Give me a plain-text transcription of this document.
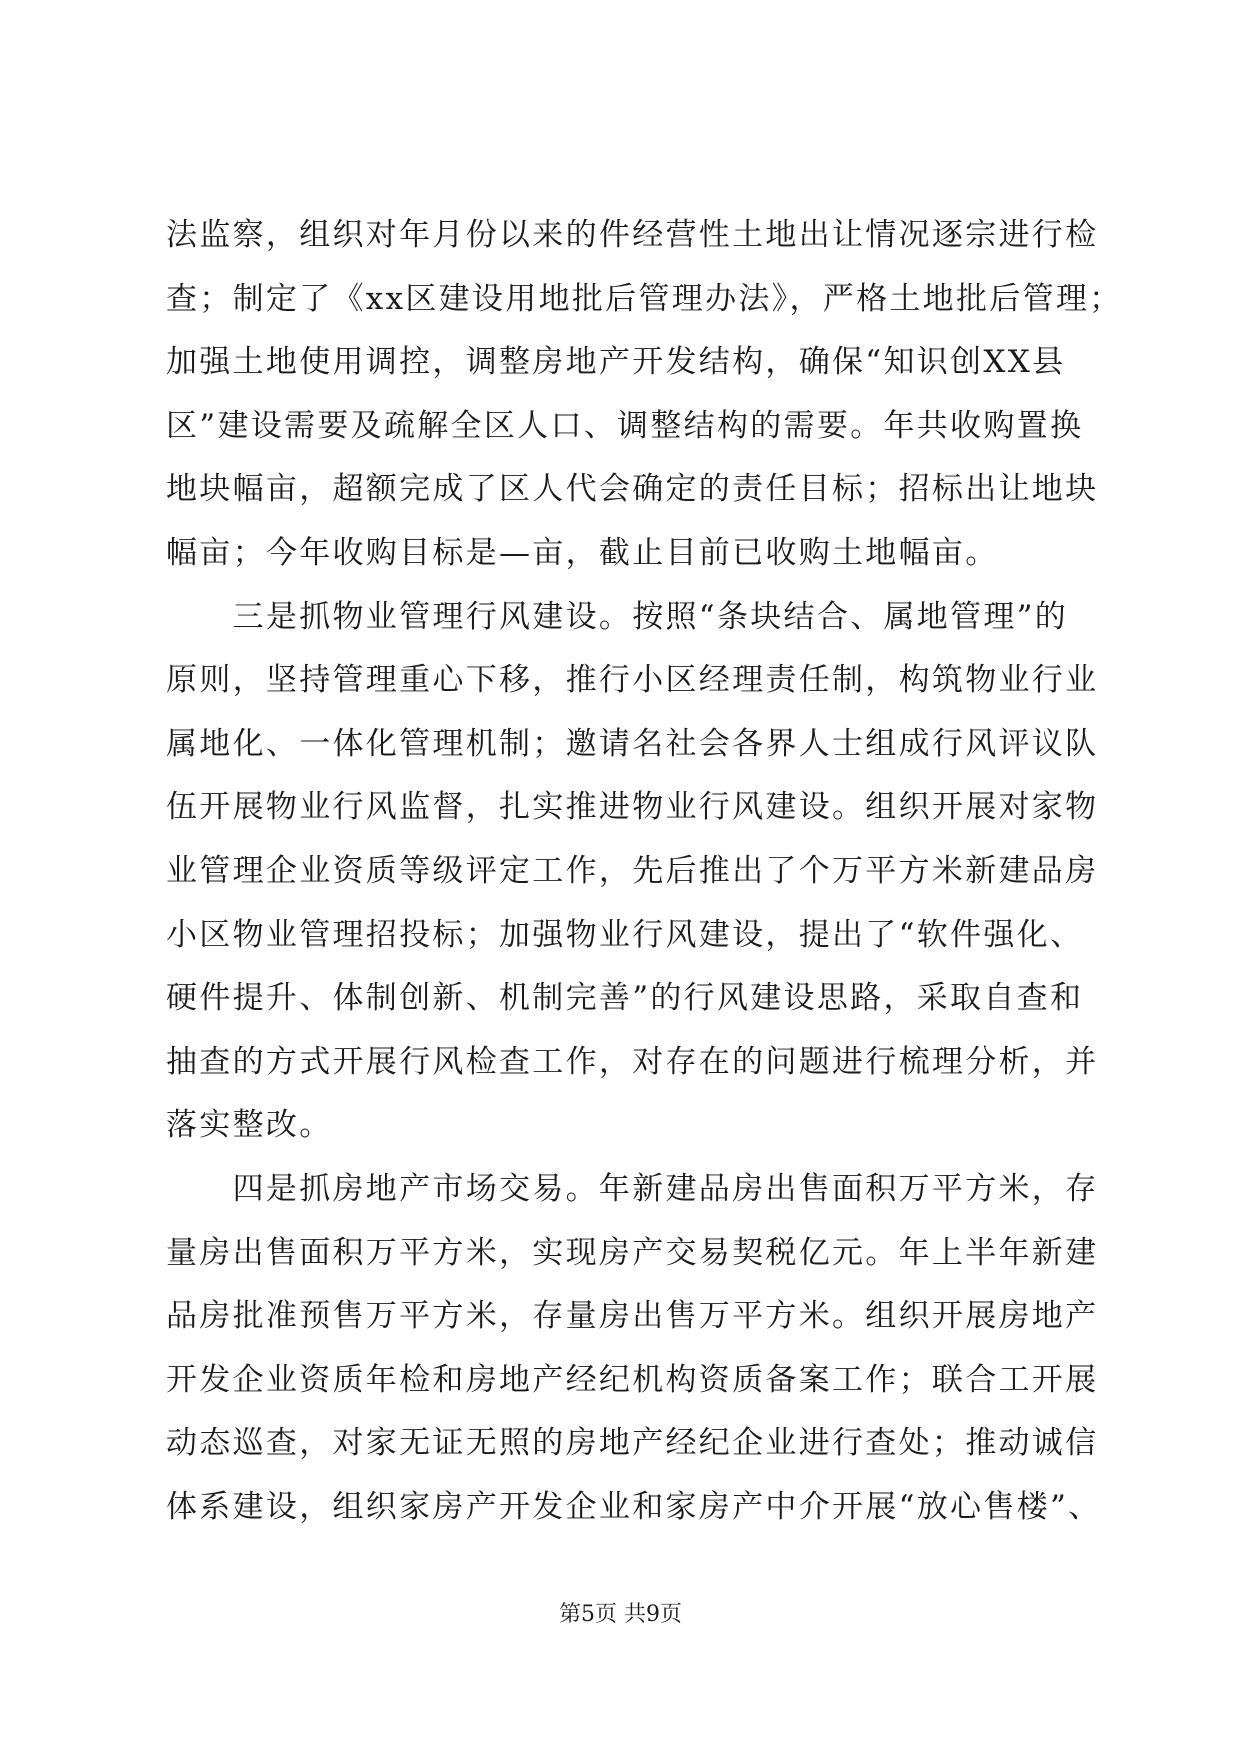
法监察，组织对年月份以来的件经营性土地出让情况逐宗进行检
查；制定了《xx区建设用地批后管理办法》，严格土地批后管理；
加强土地使用调控，调整房地产开发结构，确保“知识创XX县
区”建设需要及疏解全区人口、调整结构的需要。年共收购置换
地块幅亩，超额完成了区人代会确定的责任目标；招标出让地块
幅亩；今年收购目标是—亩，截止目前已收购土地幅亩。
　　三是抓物业管理行风建设。按照“条块结合、属地管理”的
原则，坚持管理重心下移，推行小区经理责任制，构筑物业行业
属地化、一体化管理机制；邀请名社会各界人士组成行风评议队
伍开展物业行风监督，扎实推进物业行风建设。组织开展对家物
业管理企业资质等级评定工作，先后推出了个万平方米新建品房
小区物业管理招投标；加强物业行风建设，提出了“软件强化、
硬件提升、体制创新、机制完善”的行风建设思路，采取自查和
抽查的方式开展行风检查工作，对存在的问题进行梳理分析，并
落实整改。
　　四是抓房地产市场交易。年新建品房出售面积万平方米，存
量房出售面积万平方米，实现房产交易契税亿元。年上半年新建
品房批准预售万平方米，存量房出售万平方米。组织开展房地产
开发企业资质年检和房地产经纪机构资质备案工作；联合工开展
动态巡查，对家无证无照的房地产经纪企业进行查处；推动诚信
体系建设，组织家房产开发企业和家房产中介开展“放心售楼”、
第5页 共9页
